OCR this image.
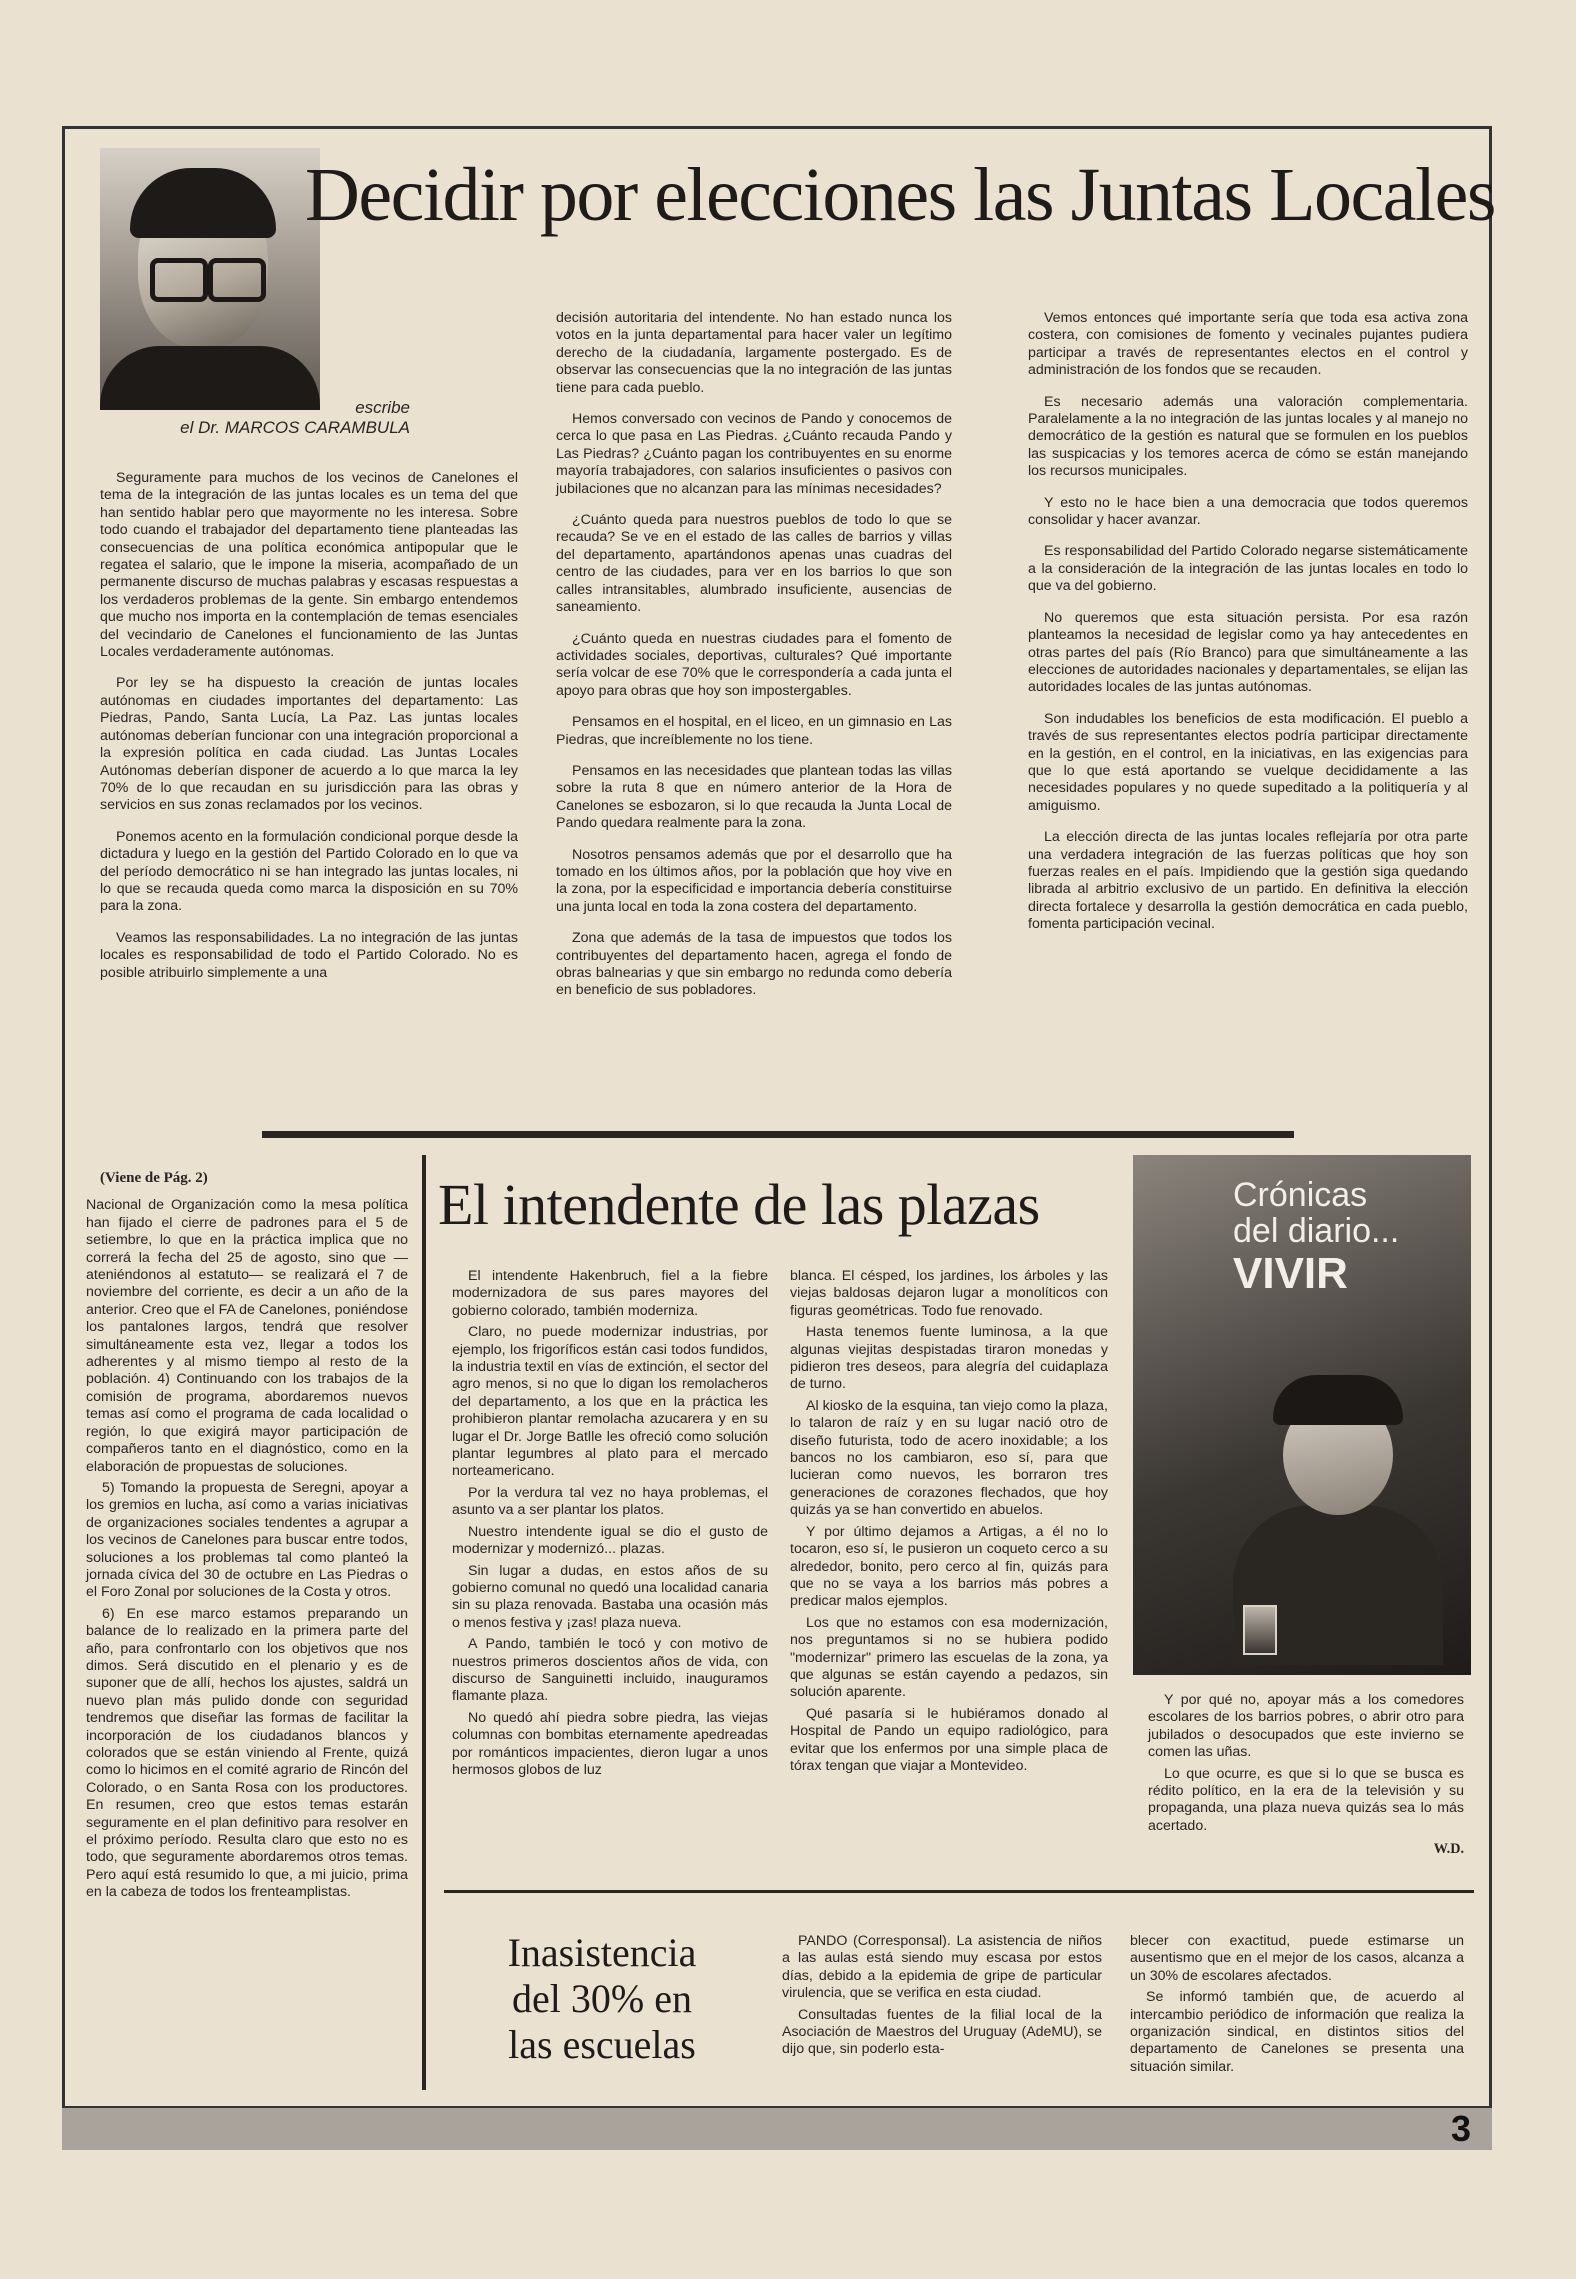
Decidir por elecciones las Juntas Locales
escribe
el Dr. MARCOS CARAMBULA

Seguramente para muchos de los vecinos de Canelones el tema de la integración de las juntas locales es un tema del que han sentido hablar pero que mayormente no les interesa. Sobre todo cuando el trabajador del departamento tiene planteadas las consecuencias de una política económica antipopular que le regatea el salario, que le impone la miseria, acompañado de un permanente discurso de muchas palabras y escasas respuestas a los verdaderos problemas de la gente. Sin embargo entendemos que mucho nos importa en la contemplación de temas esenciales del vecindario de Canelones el funcionamiento de las Juntas Locales verdaderamente autónomas.

Por ley se ha dispuesto la creación de juntas locales autónomas en ciudades importantes del departamento: Las Piedras, Pando, Santa Lucía, La Paz. Las juntas locales autónomas deberían funcionar con una integración proporcional a la expresión política en cada ciudad. Las Juntas Locales Autónomas deberían disponer de acuerdo a lo que marca la ley 70% de lo que recaudan en su jurisdicción para las obras y servicios en sus zonas reclamados por los vecinos.

Ponemos acento en la formulación condicional porque desde la dictadura y luego en la gestión del Partido Colorado en lo que va del período democrático ni se han integrado las juntas locales, ni lo que se recauda queda como marca la disposición en su 70% para la zona.

Veamos las responsabilidades. La no integración de las juntas locales es responsabilidad de todo el Partido Colorado. No es posible atribuirlo simplemente a una

decisión autoritaria del intendente. No han estado nunca los votos en la junta departamental para hacer valer un legítimo derecho de la ciudadanía, largamente postergado. Es de observar las consecuencias que la no integración de las juntas tiene para cada pueblo.

Hemos conversado con vecinos de Pando y conocemos de cerca lo que pasa en Las Piedras. ¿Cuánto recauda Pando y Las Piedras? ¿Cuánto pagan los contribuyentes en su enorme mayoría trabajadores, con salarios insuficientes o pasivos con jubilaciones que no alcanzan para las mínimas necesidades?

¿Cuánto queda para nuestros pueblos de todo lo que se recauda? Se ve en el estado de las calles de barrios y villas del departamento, apartándonos apenas unas cuadras del centro de las ciudades, para ver en los barrios lo que son calles intransitables, alumbrado insuficiente, ausencias de saneamiento.

¿Cuánto queda en nuestras ciudades para el fomento de actividades sociales, deportivas, culturales? Qué importante sería volcar de ese 70% que le correspondería a cada junta el apoyo para obras que hoy son impostergables.

Pensamos en el hospital, en el liceo, en un gimnasio en Las Piedras, que increíblemente no los tiene.

Pensamos en las necesidades que plantean todas las villas sobre la ruta 8 que en número anterior de la Hora de Canelones se esbozaron, si lo que recauda la Junta Local de Pando quedara realmente para la zona.

Nosotros pensamos además que por el desarrollo que ha tomado en los últimos años, por la población que hoy vive en la zona, por la especificidad e importancia debería constituirse una junta local en toda la zona costera del departamento.

Zona que además de la tasa de impuestos que todos los contribuyentes del departamento hacen, agrega el fondo de obras balnearias y que sin embargo no redunda como debería en beneficio de sus pobladores.

Vemos entonces qué importante sería que toda esa activa zona costera, con comisiones de fomento y vecinales pujantes pudiera participar a través de representantes electos en el control y administración de los fondos que se recauden.

Es necesario además una valoración complementaria. Paralelamente a la no integración de las juntas locales y al manejo no democrático de la gestión es natural que se formulen en los pueblos las suspicacias y los temores acerca de cómo se están manejando los recursos municipales.

Y esto no le hace bien a una democracia que todos queremos consolidar y hacer avanzar.

Es responsabilidad del Partido Colorado negarse sistemáticamente a la consideración de la integración de las juntas locales en todo lo que va del gobierno.

No queremos que esta situación persista. Por esa razón planteamos la necesidad de legislar como ya hay antecedentes en otras partes del país (Río Branco) para que simultáneamente a las elecciones de autoridades nacionales y departamentales, se elijan las autoridades locales de las juntas autónomas.

Son indudables los beneficios de esta modificación. El pueblo a través de sus representantes electos podría participar directamente en la gestión, en el control, en la iniciativas, en las exigencias para que lo que está aportando se vuelque decididamente a las necesidades populares y no quede supeditado a la politiquería y al amiguismo.

La elección directa de las juntas locales reflejaría por otra parte una verdadera integración de las fuerzas políticas que hoy son fuerzas reales en el país. Impidiendo que la gestión siga quedando librada al arbitrio exclusivo de un partido. En definitiva la elección directa fortalece y desarrolla la gestión democrática en cada pueblo, fomenta participación vecinal.

(Viene de Pág. 2)

Nacional de Organización como la mesa política han fijado el cierre de padrones para el 5 de setiembre, lo que en la práctica implica que no correrá la fecha del 25 de agosto, sino que —ateniéndonos al estatuto— se realizará el 7 de noviembre del corriente, es decir a un año de la anterior. Creo que el FA de Canelones, poniéndose los pantalones largos, tendrá que resolver simultáneamente esta vez, llegar a todos los adherentes y al mismo tiempo al resto de la población. 4) Continuando con los trabajos de la comisión de programa, abordaremos nuevos temas así como el programa de cada localidad o región, lo que exigirá mayor participación de compañeros tanto en el diagnóstico, como en la elaboración de propuestas de soluciones.

5) Tomando la propuesta de Seregni, apoyar a los gremios en lucha, así como a varias iniciativas de organizaciones sociales tendentes a agrupar a los vecinos de Canelones para buscar entre todos, soluciones a los problemas tal como planteó la jornada cívica del 30 de octubre en Las Piedras o el Foro Zonal por soluciones de la Costa y otros.

6) En ese marco estamos preparando un balance de lo realizado en la primera parte del año, para confrontarlo con los objetivos que nos dimos. Será discutido en el plenario y es de suponer que de allí, hechos los ajustes, saldrá un nuevo plan más pulido donde con seguridad tendremos que diseñar las formas de facilitar la incorporación de los ciudadanos blancos y colorados que se están viniendo al Frente, quizá como lo hicimos en el comité agrario de Rincón del Colorado, o en Santa Rosa con los productores. En resumen, creo que estos temas estarán seguramente en el plan definitivo para resolver en el próximo período. Resulta claro que esto no es todo, que seguramente abordaremos otros temas. Pero aquí está resumido lo que, a mi juicio, prima en la cabeza de todos los frenteamplistas.

El intendente de las plazas

El intendente Hakenbruch, fiel a la fiebre modernizadora de sus pares mayores del gobierno colorado, también moderniza.

Claro, no puede modernizar industrias, por ejemplo, los frigoríficos están casi todos fundidos, la industria textil en vías de extinción, el sector del agro menos, si no que lo digan los remolacheros del departamento, a los que en la práctica les prohibieron plantar remolacha azucarera y en su lugar el Dr. Jorge Batlle les ofreció como solución plantar legumbres al plato para el mercado norteamericano.

Por la verdura tal vez no haya problemas, el asunto va a ser plantar los platos.

Nuestro intendente igual se dio el gusto de modernizar y modernizó... plazas.

Sin lugar a dudas, en estos años de su gobierno comunal no quedó una localidad canaria sin su plaza renovada. Bastaba una ocasión más o menos festiva y ¡zas! plaza nueva.

A Pando, también le tocó y con motivo de nuestros primeros doscientos años de vida, con discurso de Sanguinetti incluido, inauguramos flamante plaza.

No quedó ahí piedra sobre piedra, las viejas columnas con bombitas eternamente apedreadas por románticos impacientes, dieron lugar a unos hermosos globos de luz

blanca. El césped, los jardines, los árboles y las viejas baldosas dejaron lugar a monolíticos con figuras geométricas. Todo fue renovado.

Hasta tenemos fuente luminosa, a la que algunas viejitas despistadas tiraron monedas y pidieron tres deseos, para alegría del cuidaplaza de turno.

Al kiosko de la esquina, tan viejo como la plaza, lo talaron de raíz y en su lugar nació otro de diseño futurista, todo de acero inoxidable; a los bancos no los cambiaron, eso sí, para que lucieran como nuevos, les borraron tres generaciones de corazones flechados, que hoy quizás ya se han convertido en abuelos.

Y por último dejamos a Artigas, a él no lo tocaron, eso sí, le pusieron un coqueto cerco a su alrededor, bonito, pero cerco al fin, quizás para que no se vaya a los barrios más pobres a predicar malos ejemplos.

Los que no estamos con esa modernización, nos preguntamos si no se hubiera podido "modernizar" primero las escuelas de la zona, ya que algunas se están cayendo a pedazos, sin solución aparente.

Qué pasaría si le hubiéramos donado al Hospital de Pando un equipo radiológico, para evitar que los enfermos por una simple placa de tórax tengan que viajar a Montevideo.

Crónicas
del diario...
VIVIR

Y por qué no, apoyar más a los comedores escolares de los barrios pobres, o abrir otro para jubilados o desocupados que este invierno se comen las uñas.

Lo que ocurre, es que si lo que se busca es rédito político, en la era de la televisión y su propaganda, una plaza nueva quizás sea lo más acertado.

W.D.
Inasistencia
del 30% en
las escuelas

PANDO (Corresponsal). La asistencia de niños a las aulas está siendo muy escasa por estos días, debido a la epidemia de gripe de particular virulencia, que se verifica en esta ciudad.

Consultadas fuentes de la filial local de la Asociación de Maestros del Uruguay (AdeMU), se dijo que, sin poderlo esta-

blecer con exactitud, puede estimarse un ausentismo que en el mejor de los casos, alcanza a un 30% de escolares afectados.

Se informó también que, de acuerdo al intercambio periódico de información que realiza la organización sindical, en distintos sitios del departamento de Canelones se presenta una situación similar.

3
